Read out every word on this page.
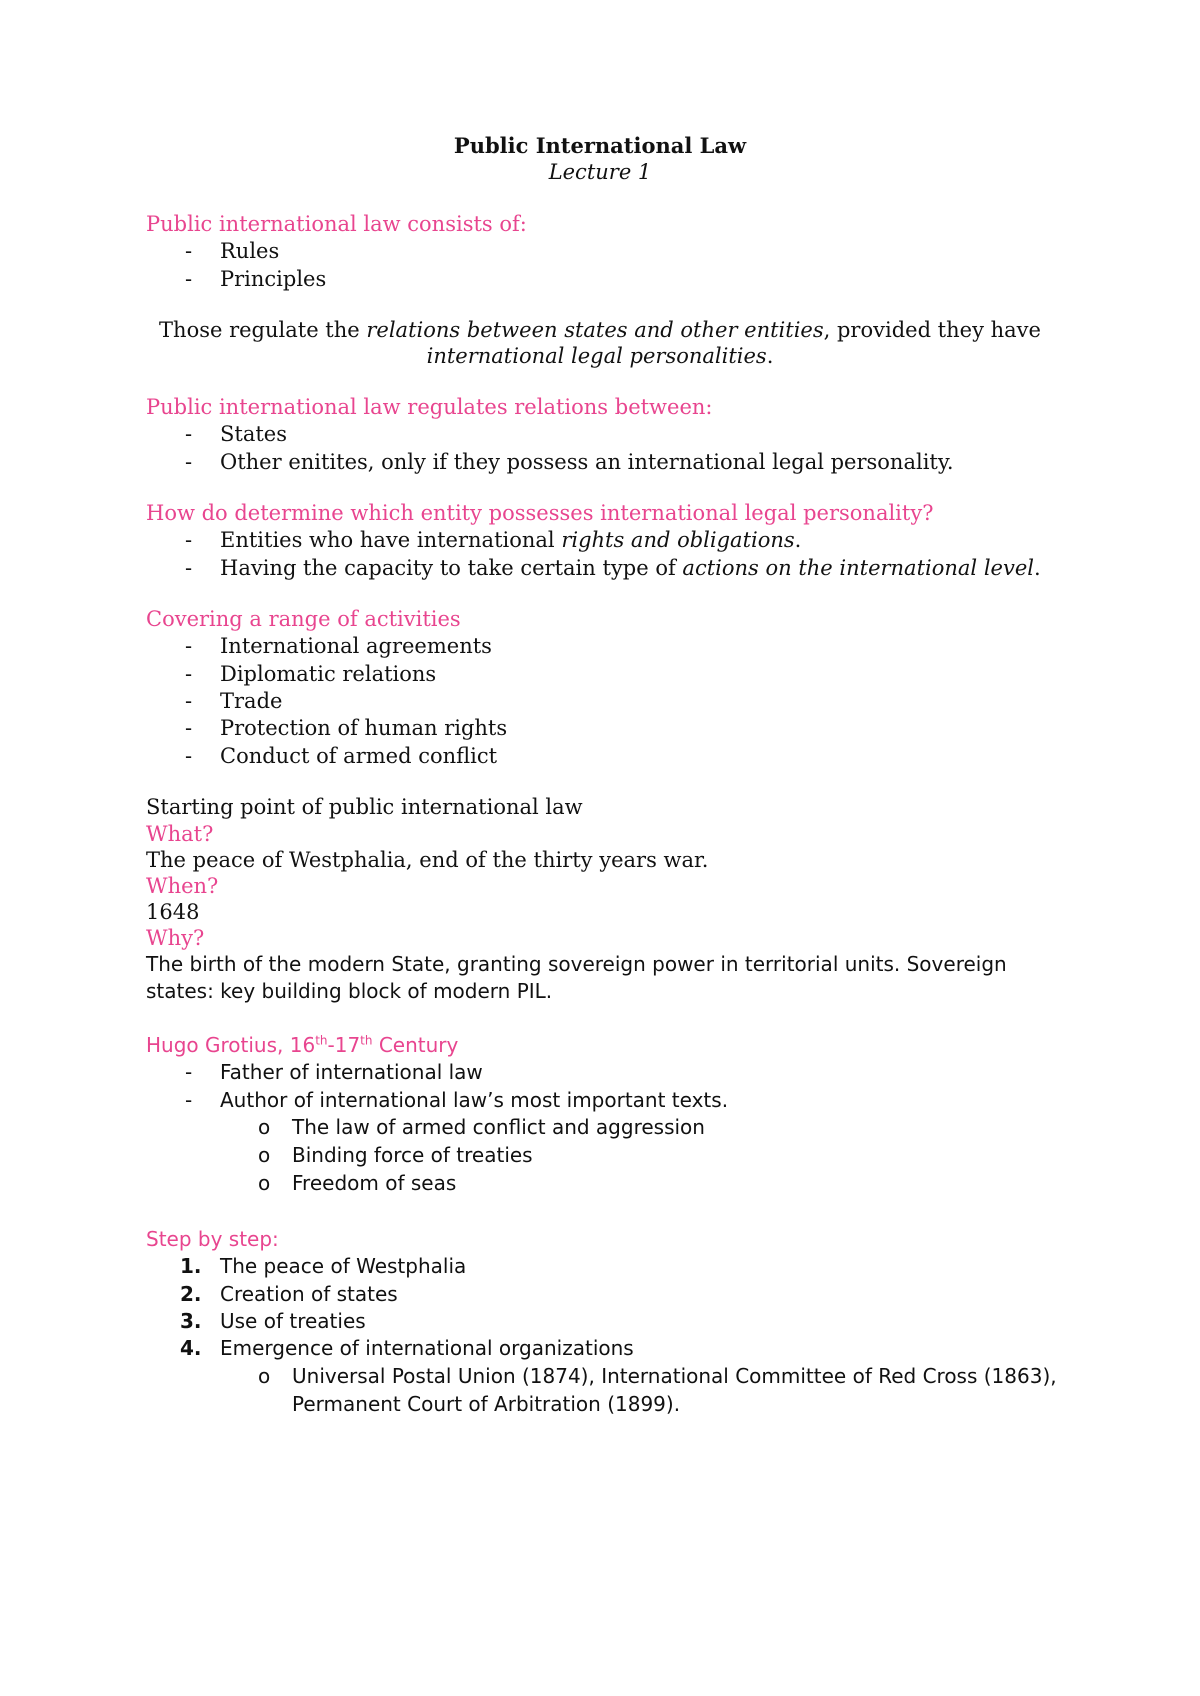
Public International Law
Lecture 1
Public international law consists of:
- Rules
- Principles
Those regulate the relations between states and other entities, provided they have
international legal personalities.
Public international law regulates relations between:
- States
- Other enitites, only if they possess an international legal personality.
How do determine which entity possesses international legal personality?
- Entities who have international rights and obligations.
- Having the capacity to take certain type of actions on the international level.
Covering a range of activities
- International agreements
- Diplomatic relations
- Trade
- Protection of human rights
- Conduct of armed conflict
Starting point of public international law
What?
The peace of Westphalia, end of the thirty years war.
When?
1648
Why?
The birth of the modern State, granting sovereign power in territorial units. Sovereign
states: key building block of modern PIL.
Hugo Grotius, 16th-17th Century
- Father of international law
- Author of international law’s most important texts.
o The law of armed conflict and aggression
o Binding force of treaties
o Freedom of seas
Step by step:
1. The peace of Westphalia
2. Creation of states
3. Use of treaties
4. Emergence of international organizations
o Universal Postal Union (1874), International Committee of Red Cross (1863),
Permanent Court of Arbitration (1899).
